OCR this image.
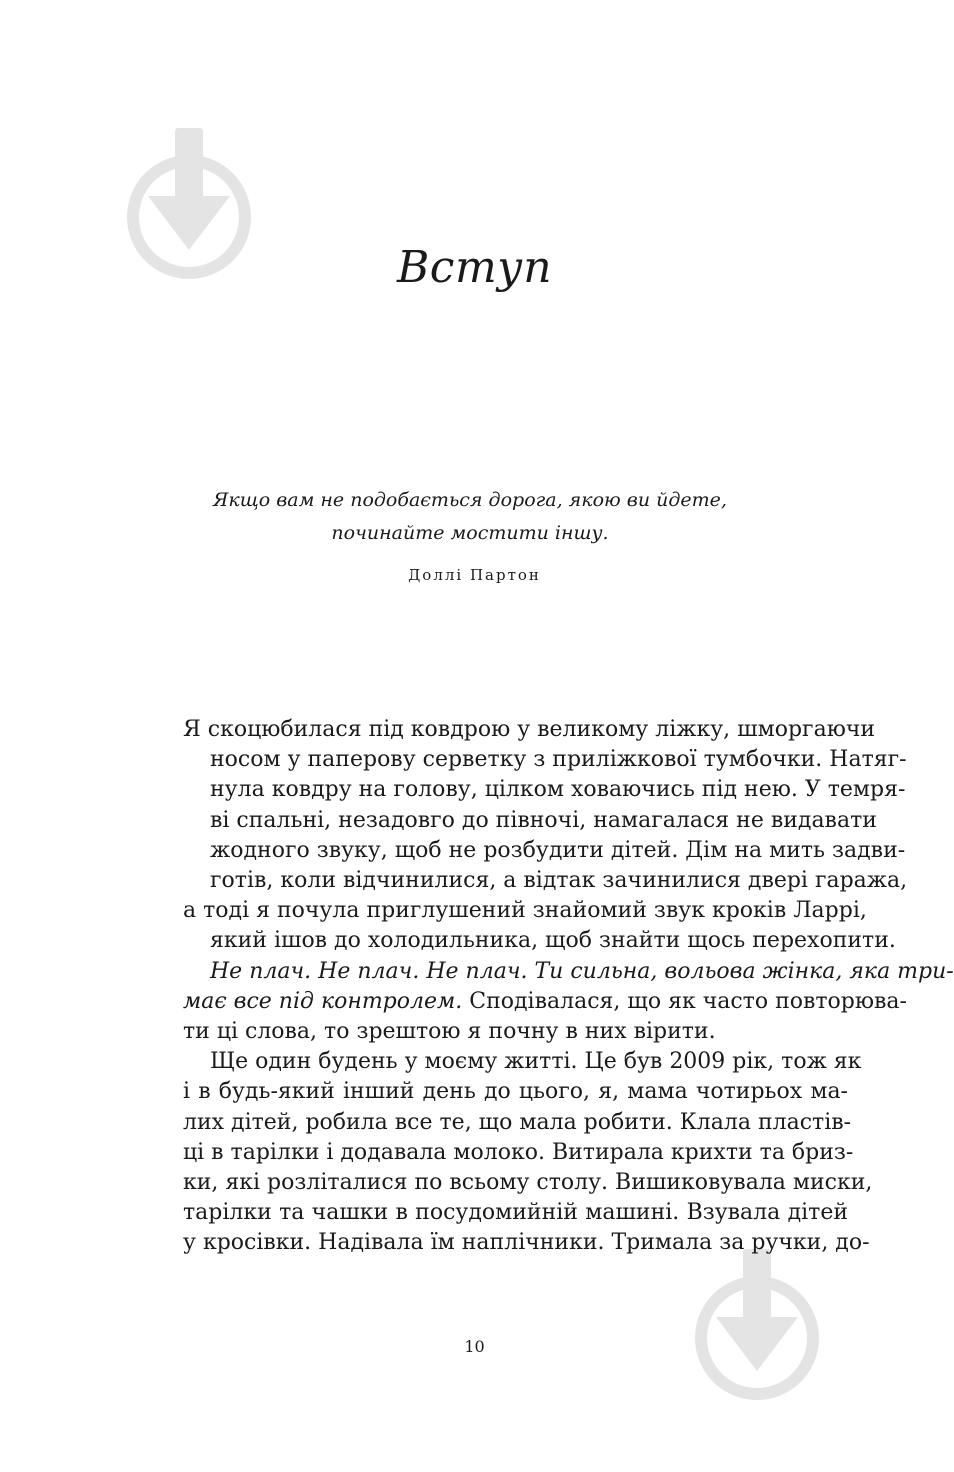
Вступ
Якщо вам не подобається дорога, якою ви йдете,
починайте мостити іншу.
Доллі Партон
Я скоцюбилася під ковдрою у великому ліжку, шморгаючи
носом у паперову серветку з приліжкової тумбочки. Натяг-
нула ковдру на голову, цілком ховаючись під нею. У темря-
ві спальні, незадовго до півночі, намагалася не видавати
жодного звуку, щоб не розбудити дітей. Дім на мить задви-
готів, коли відчинилися, а відтак зачинилися двері гаража,
а тоді я почула приглушений знайомий звук кроків Ларрі,
який ішов до холодильника, щоб знайти щось перехопити.
Не плач. Не плач. Не плач. Ти сильна, вольова жінка, яка три-
має все під контролем. Сподівалася, що як часто повторюва-
ти ці слова, то зрештою я почну в них вірити.
Ще один будень у моєму житті. Це був 2009 рік, тож як
і в будь-який інший день до цього, я, мама чотирьох ма-
лих дітей, робила все те, що мала робити. Клала пластів-
ці в тарілки і додавала молоко. Витирала крихти та бриз-
ки, які розліталися по всьому столу. Вишиковувала миски,
тарілки та чашки в посудомийній машині. Взувала дітей
у кросівки. Надівала їм наплічники. Тримала за ручки, до-
10
